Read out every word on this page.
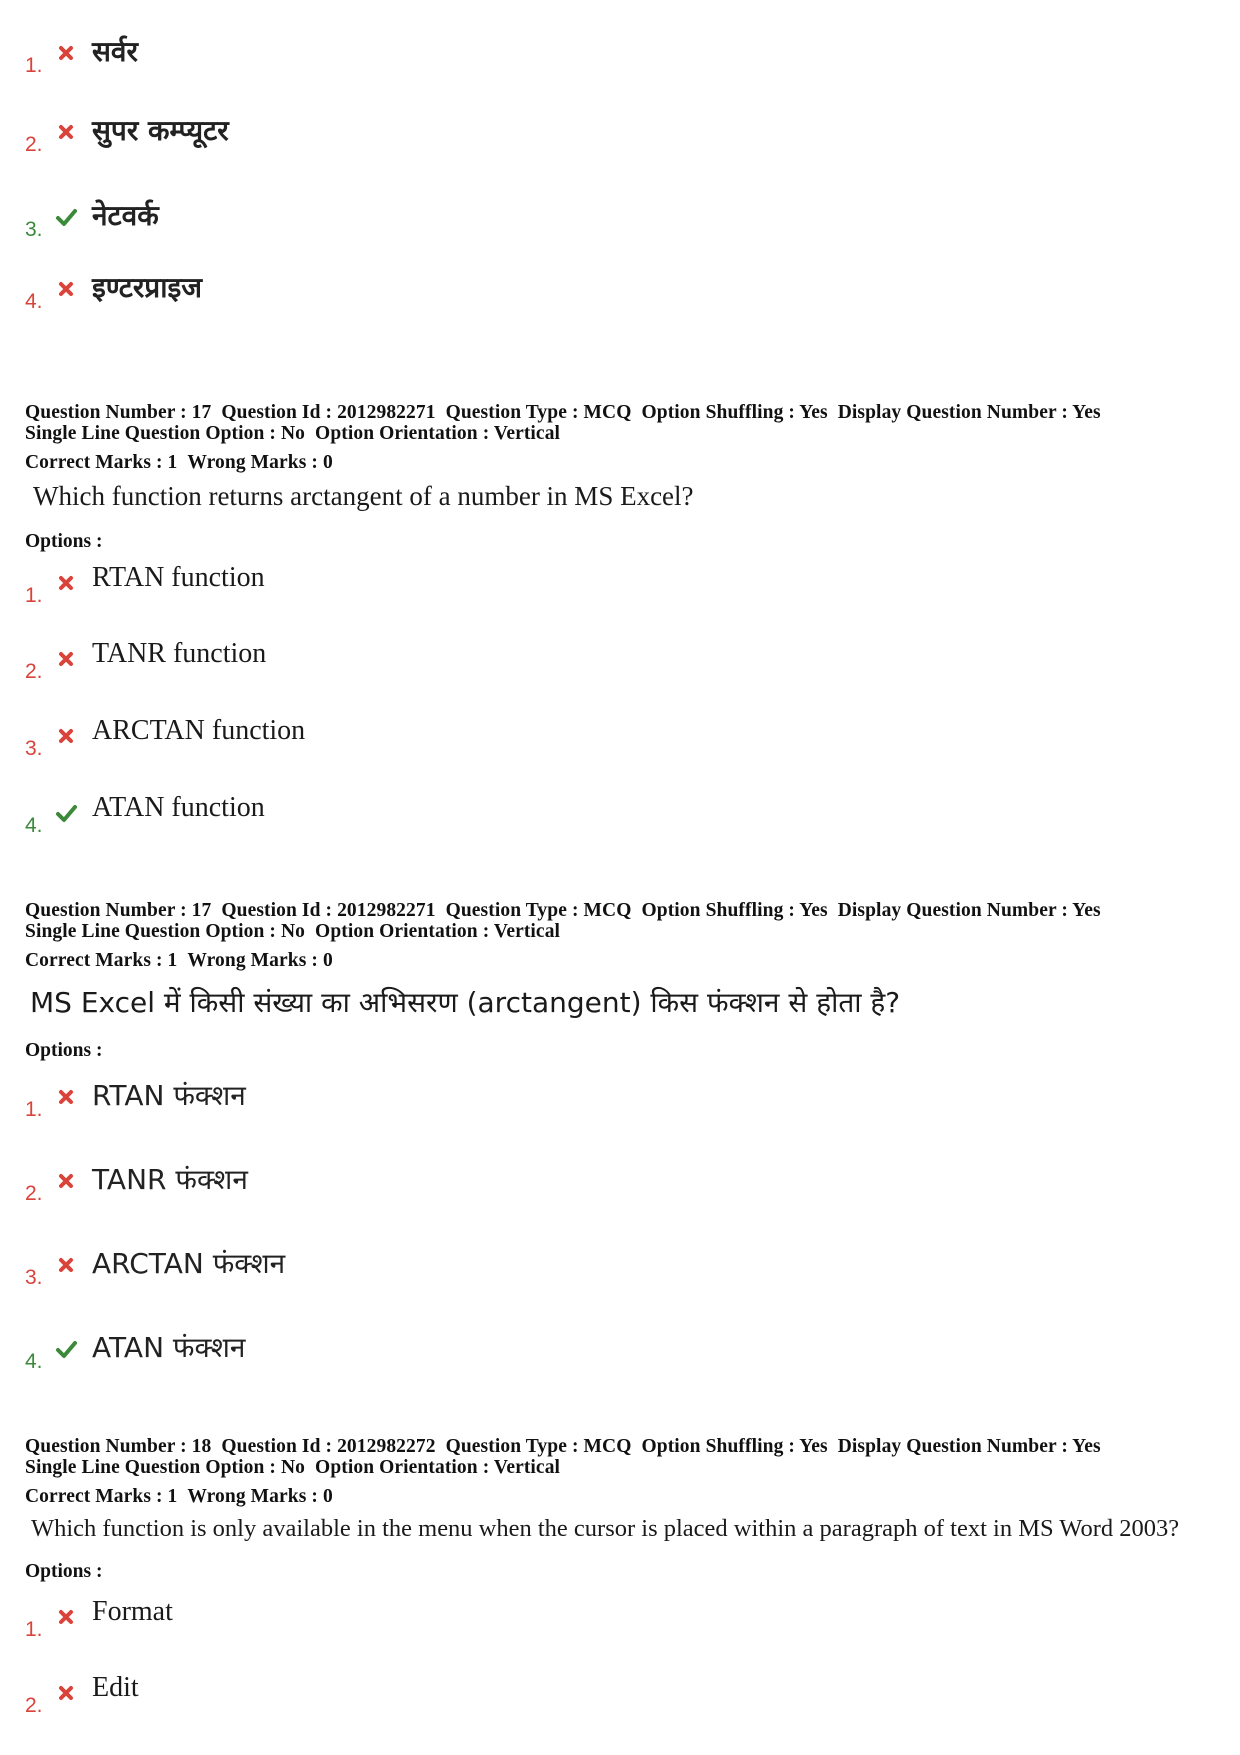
1. सर्वर
2. सुपर कम्प्यूटर
3. नेटवर्क
4. इण्टरप्राइज
Question Number : 17 Question Id : 2012982271 Question Type : MCQ Option Shuffling : Yes Display Question Number : Yes
Single Line Question Option : No Option Orientation : Vertical
Correct Marks : 1 Wrong Marks : 0
Which function returns arctangent of a number in MS Excel?
Options :
1.
RTAN function
2.
TANR function
3.
ARCTAN function
4.
ATAN function
Question Number : 17 Question Id : 2012982271 Question Type : MCQ Option Shuffling : Yes Display Question Number : Yes
Single Line Question Option : No Option Orientation : Vertical
Correct Marks : 1 Wrong Marks : 0
MS Excel में किसी संख्या का अभिसरण (arctangent) किस फंक्शन से होता है?
Options :
1. RTAN फंक्शन
2. TANR फंक्शन
3. ARCTAN फंक्शन
4. ATAN फंक्शन
Question Number : 18 Question Id : 2012982272 Question Type : MCQ Option Shuffling : Yes Display Question Number : Yes
Single Line Question Option : No Option Orientation : Vertical
Correct Marks : 1 Wrong Marks : 0
Which function is only available in the menu when the cursor is placed within a paragraph of text in MS Word 2003?
Options :
1.
Format
2.
Edit
